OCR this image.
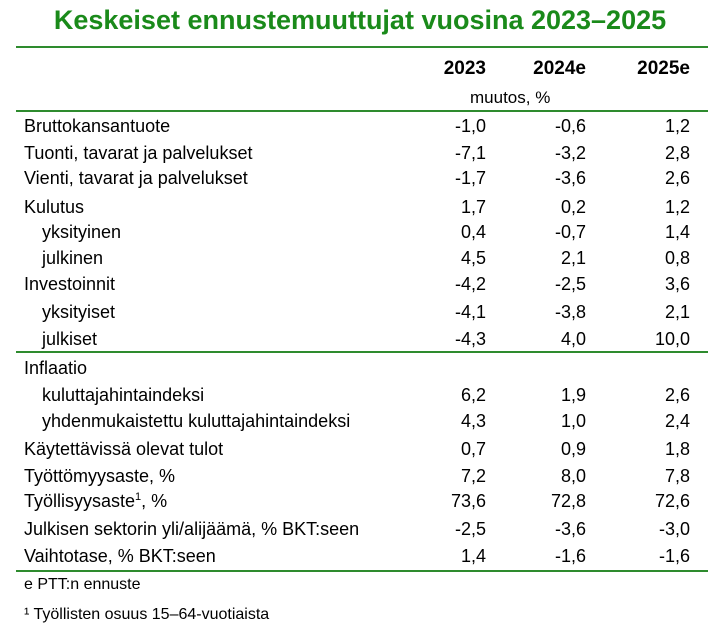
Keskeiset ennustemuuttujat vuosina 2023–2025
2023	2024e	2025e
muutos, %
Bruttokansantuote	-1,0	-0,6	1,2
Tuonti, tavarat ja palvelukset	-7,1	-3,2	2,8
Vienti, tavarat ja palvelukset	-1,7	-3,6	2,6
Kulutus	1,7	0,2	1,2
yksityinen	0,4	-0,7	1,4
julkinen	4,5	2,1	0,8
Investoinnit	-4,2	-2,5	3,6
yksityiset	-4,1	-3,8	2,1
julkiset	-4,3	4,0	10,0
Inflaatio
kuluttajahintaindeksi	6,2	1,9	2,6
yhdenmukaistettu kuluttajahintaindeksi	4,3	1,0	2,4
Käytettävissä olevat tulot	0,7	0,9	1,8
Työttömyysaste, %	7,2	8,0	7,8
Työllisyysaste$^1$, %	73,6	72,8	72,6
Julkisen sektorin yli/alijäämä, % BKT:seen	-2,5	-3,6	-3,0
Vaihtotase, % BKT:seen	1,4	-1,6	-1,6
e PTT:n ennuste
¹ Työllisten osuus 15–64-vuotiaista
